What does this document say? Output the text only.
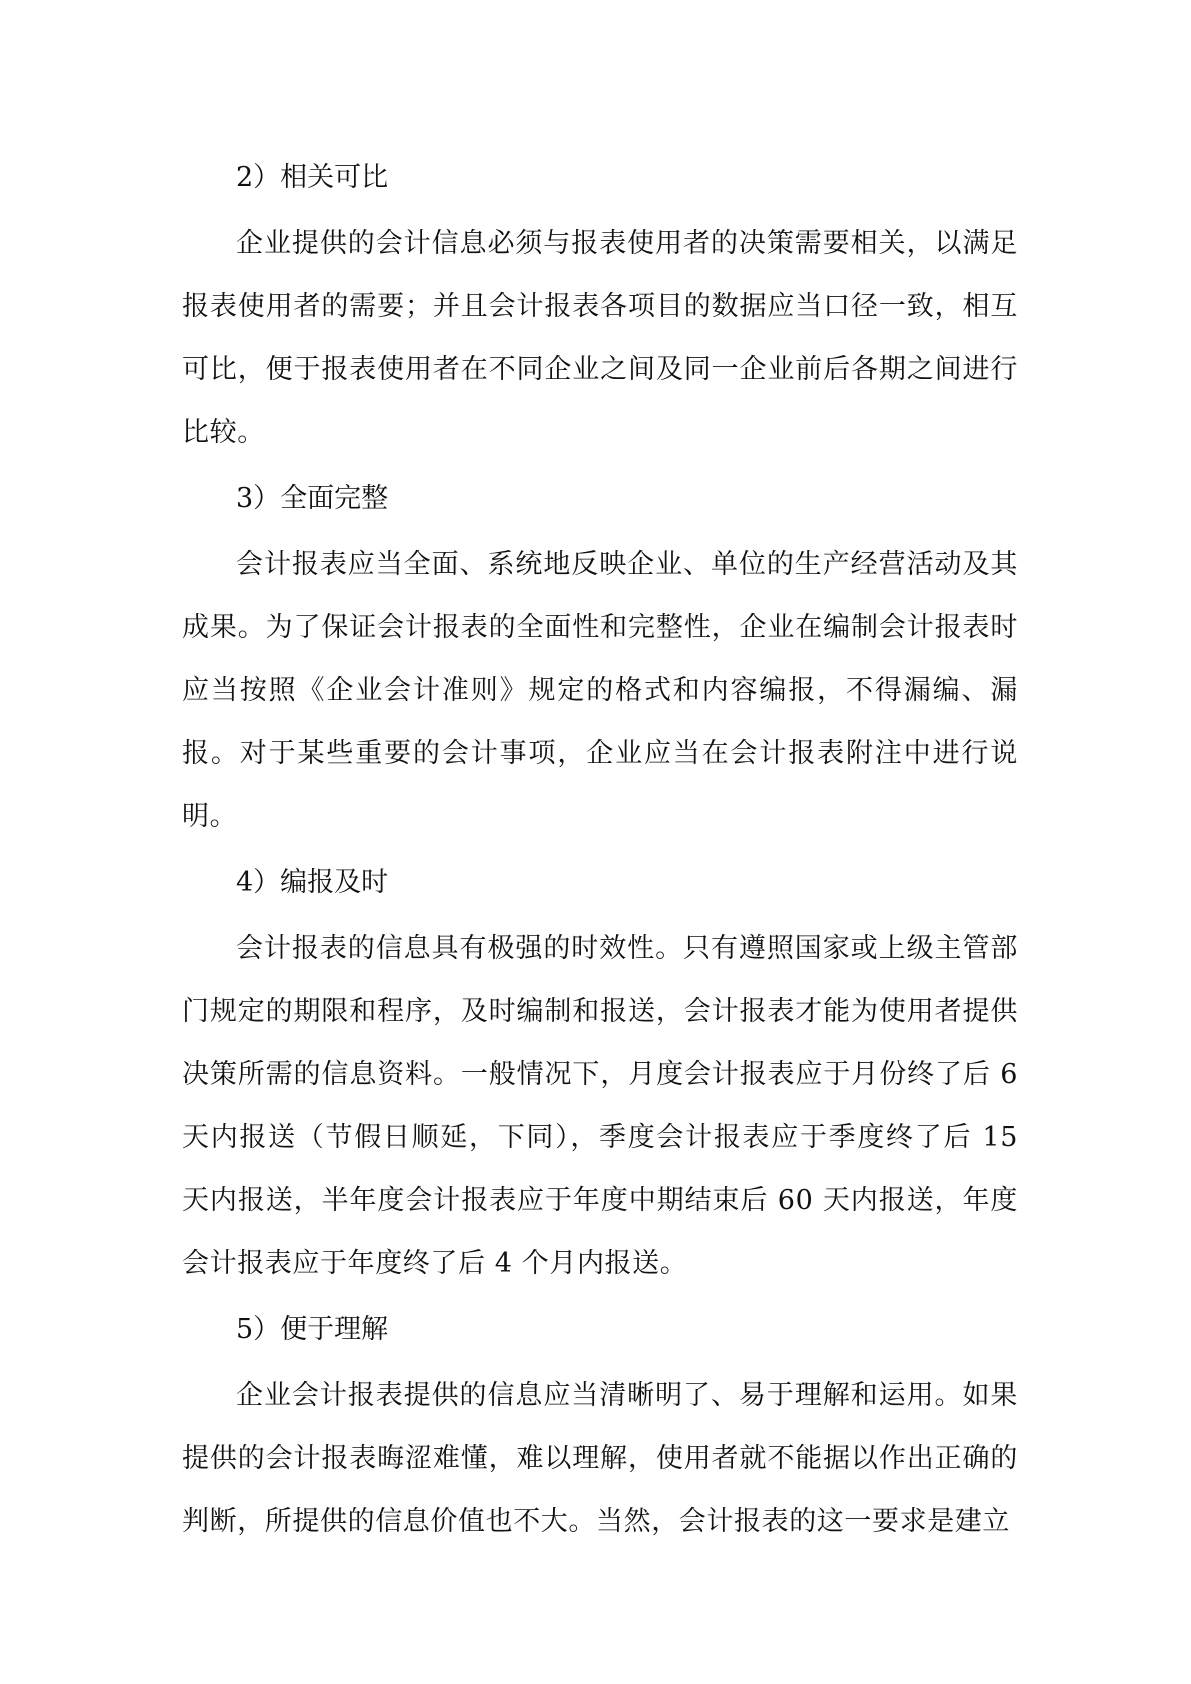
2）相关可比

企业提供的会计信息必须与报表使用者的决策需要相关，以满足报表使用者的需要；并且会计报表各项目的数据应当口径一致，相互可比，便于报表使用者在不同企业之间及同一企业前后各期之间进行比较。

3）全面完整

会计报表应当全面、系统地反映企业、单位的生产经营活动及其成果。为了保证会计报表的全面性和完整性，企业在编制会计报表时应当按照《企业会计准则》规定的格式和内容编报，不得漏编、漏报。对于某些重要的会计事项，企业应当在会计报表附注中进行说明。

4）编报及时

会计报表的信息具有极强的时效性。只有遵照国家或上级主管部门规定的期限和程序，及时编制和报送，会计报表才能为使用者提供决策所需的信息资料。一般情况下，月度会计报表应于月份终了后 6 天内报送（节假日顺延，下同），季度会计报表应于季度终了后 15 天内报送，半年度会计报表应于年度中期结束后 60 天内报送，年度会计报表应于年度终了后 4 个月内报送。

5）便于理解

企业会计报表提供的信息应当清晰明了、易于理解和运用。如果提供的会计报表晦涩难懂，难以理解，使用者就不能据以作出正确的判断，所提供的信息价值也不大。当然，会计报表的这一要求是建立
